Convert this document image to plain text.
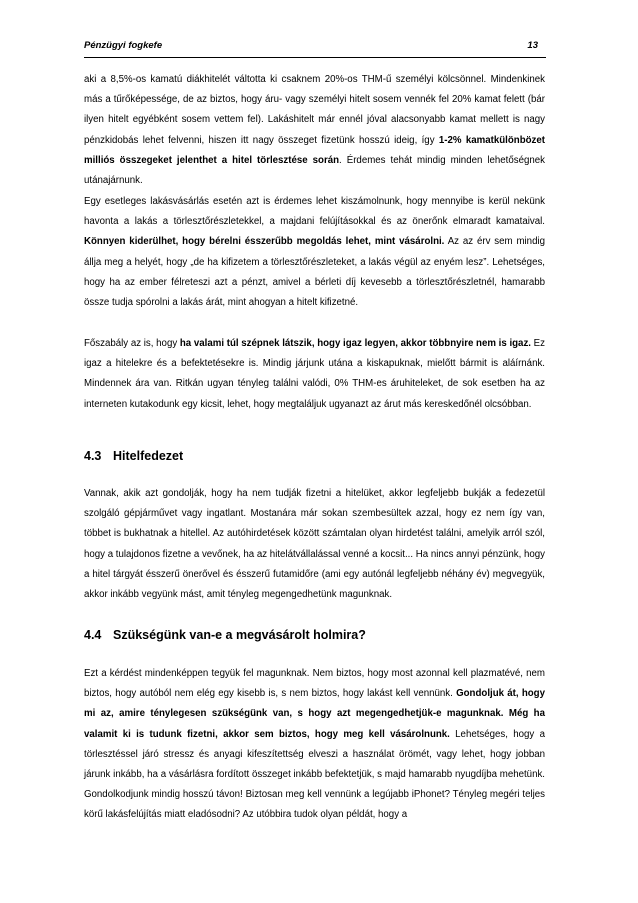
Pénzügyi fogkefe	13

aki a 8,5%-os kamatú diákhitelét váltotta ki csaknem 20%-os THM-ű személyi kölcsönnel. Mindenkinek más a tűrőképessége, de az biztos, hogy áru- vagy személyi hitelt sosem vennék fel 20% kamat felett (bár ilyen hitelt egyébként sosem vettem fel). Lakáshitelt már ennél jóval alacsonyabb kamat mellett is nagy pénzkidobás lehet felvenni, hiszen itt nagy összeget fizetünk hosszú ideig, így 1-2% kamatkülönbözet milliós összegeket jelenthet a hitel törlesztése során. Érdemes tehát mindig minden lehetőségnek utánajárnunk.

Egy esetleges lakásvásárlás esetén azt is érdemes lehet kiszámolnunk, hogy mennyibe is kerül nekünk havonta a lakás a törlesztőrészletekkel, a majdani felújításokkal és az önerőnk elmaradt kamataival. Könnyen kiderülhet, hogy bérelni ésszerűbb megoldás lehet, mint vásárolni. Az az érv sem mindig állja meg a helyét, hogy „de ha kifizetem a törlesztőrészleteket, a lakás végül az enyém lesz”. Lehetséges, hogy ha az ember félreteszi azt a pénzt, amivel a bérleti díj kevesebb a törlesztőrészletnél, hamarabb össze tudja spórolni a lakás árát, mint ahogyan a hitelt kifizetné.

Főszabály az is, hogy ha valami túl szépnek látszik, hogy igaz legyen, akkor többnyire nem is igaz. Ez igaz a hitelekre és a befektetésekre is. Mindig járjunk utána a kiskapuknak, mielőtt bármit is aláírnánk. Mindennek ára van. Ritkán ugyan tényleg találni valódi, 0% THM-es áruhiteleket, de sok esetben ha az interneten kutakodunk egy kicsit, lehet, hogy megtaláljuk ugyanazt az árut más kereskedőnél olcsóbban.

4.3 Hitelfedezet

Vannak, akik azt gondolják, hogy ha nem tudják fizetni a hitelüket, akkor legfeljebb bukják a fedezetül szolgáló gépjárművet vagy ingatlant. Mostanára már sokan szembesültek azzal, hogy ez nem így van, többet is bukhatnak a hitellel. Az autóhirdetések között számtalan olyan hirdetést találni, amelyik arról szól, hogy a tulajdonos fizetne a vevőnek, ha az hitelátvállalással venné a kocsit... Ha nincs annyi pénzünk, hogy a hitel tárgyát ésszerű önerővel és ésszerű futamidőre (ami egy autónál legfeljebb néhány év) megvegyük, akkor inkább vegyünk mást, amit tényleg megengedhetünk magunknak.

4.4 Szükségünk van-e a megvásárolt holmira?

Ezt a kérdést mindenképpen tegyük fel magunknak. Nem biztos, hogy most azonnal kell plazmatévé, nem biztos, hogy autóból nem elég egy kisebb is, s nem biztos, hogy lakást kell vennünk. Gondoljuk át, hogy mi az, amire ténylegesen szükségünk van, s hogy azt megengedhetjük-e magunknak. Még ha valamit ki is tudunk fizetni, akkor sem biztos, hogy meg kell vásárolnunk. Lehetséges, hogy a törlesztéssel járó stressz és anyagi kifeszítettség elveszi a használat örömét, vagy lehet, hogy jobban járunk inkább, ha a vásárlásra fordított összeget inkább befektetjük, s majd hamarabb nyugdíjba mehetünk. Gondolkodjunk mindig hosszú távon! Biztosan meg kell vennünk a legújabb iPhonet? Tényleg megéri teljes körű lakásfelújítás miatt eladósodni? Az utóbbira tudok olyan példát, hogy a
